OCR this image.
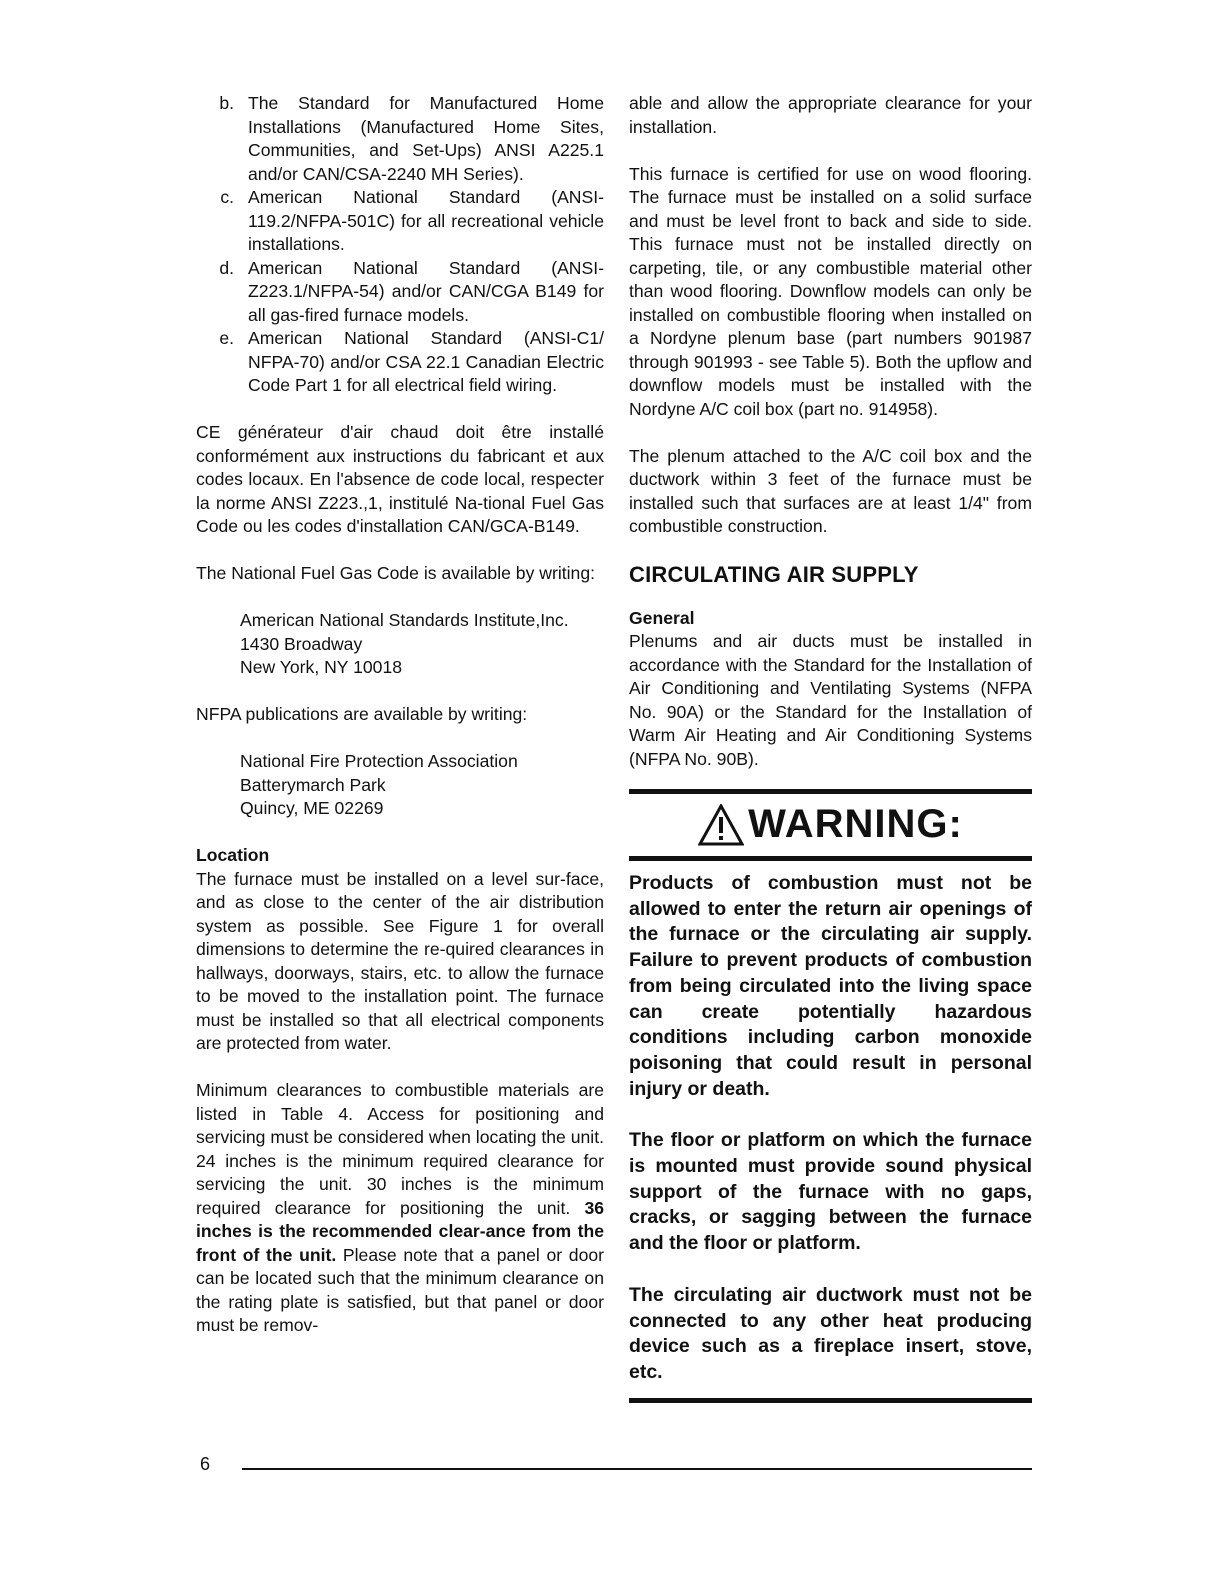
b. The Standard for Manufactured Home Installations (Manufactured Home Sites, Communities, and Set-Ups) ANSI A225.1 and/or CAN/CSA-2240 MH Series).
c. American National Standard (ANSI-119.2/NFPA-501C) for all recreational vehicle installations.
d. American National Standard (ANSI-Z223.1/NFPA-54) and/or CAN/CGA B149 for all gas-fired furnace models.
e. American National Standard (ANSI-C1/ NFPA-70) and/or CSA 22.1 Canadian Electric Code Part 1 for all electrical field wiring.

CE générateur d'air chaud doit être installé conformément aux instructions du fabricant et aux codes locaux. En l'absence de code local, respecter la norme ANSI Z223.,1, institulé Na-tional Fuel Gas Code ou les codes d'installation CAN/GCA-B149.

The National Fuel Gas Code is available by writing:

American National Standards Institute,Inc.
1430 Broadway
New York, NY 10018

NFPA publications are available by writing:

National Fire Protection Association
Batterymarch Park
Quincy, ME 02269
Location

The furnace must be installed on a level sur-face, and as close to the center of the air distribution system as possible. See Figure 1 for overall dimensions to determine the re-quired clearances in hallways, doorways, stairs, etc. to allow the furnace to be moved to the installation point. The furnace must be installed so that all electrical components are protected from water.

Minimum clearances to combustible materials are listed in Table 4. Access for positioning and servicing must be considered when locating the unit. 24 inches is the minimum required clearance for servicing the unit. 30 inches is the minimum required clearance for positioning the unit. 36 inches is the recommended clear-ance from the front of the unit. Please note that a panel or door can be located such that the minimum clearance on the rating plate is satisfied, but that panel or door must be remov-

able and allow the appropriate clearance for your installation.

This furnace is certified for use on wood flooring. The furnace must be installed on a solid surface and must be level front to back and side to side. This furnace must not be installed directly on carpeting, tile, or any combustible material other than wood flooring. Downflow models can only be installed on combustible flooring when installed on a Nordyne plenum base (part numbers 901987 through 901993 - see Table 5). Both the upflow and downflow models must be installed with the Nordyne A/C coil box (part no. 914958).

The plenum attached to the A/C coil box and the ductwork within 3 feet of the furnace must be installed such that surfaces are at least 1/4" from combustible construction.

CIRCULATING AIR SUPPLY
General

Plenums and air ducts must be installed in accordance with the Standard for the Installation of Air Conditioning and Ventilating Systems (NFPA No. 90A) or the Standard for the Installation of Warm Air Heating and Air Conditioning Systems (NFPA No. 90B).

WARNING:

Products of combustion must not be allowed to enter the return air openings of the furnace or the circulating air supply. Failure to prevent products of combustion from being circulated into the living space can create potentially hazardous conditions including carbon monoxide poisoning that could result in personal injury or death.

The floor or platform on which the furnace is mounted must provide sound physical support of the furnace with no gaps, cracks, or sagging between the furnace and the floor or platform.

The circulating air ductwork must not be connected to any other heat producing device such as a fireplace insert, stove, etc.

6
